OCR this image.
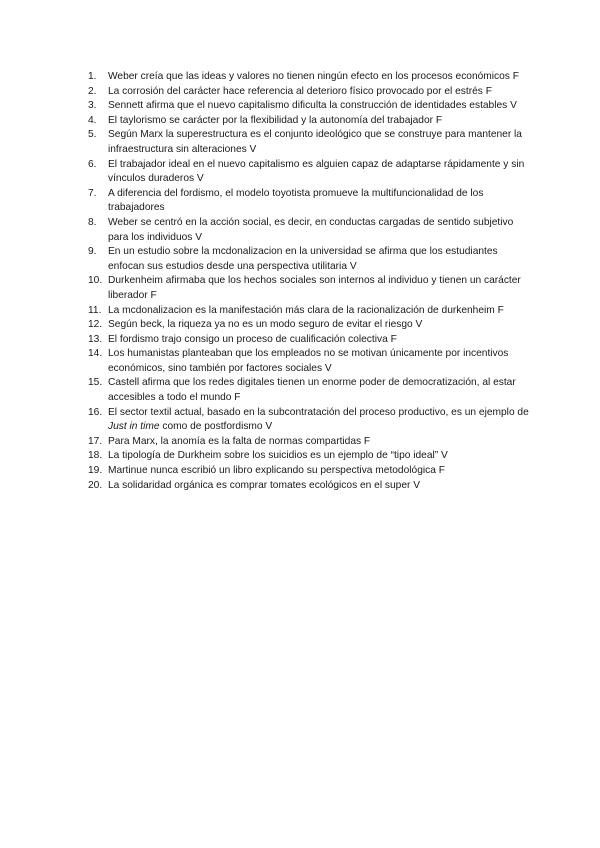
1.	Weber creía que las ideas y valores no tienen ningún efecto en los procesos económicos F
2.	La corrosión del carácter hace referencia al deterioro físico provocado por el estrés F
3.	Sennett afirma que el nuevo capitalismo dificulta la construcción de identidades estables V
4.	El taylorismo se carácter por la flexibilidad y la autonomía del trabajador F
5.	Según Marx la superestructura es el conjunto ideológico que se construye para mantener la infraestructura sin alteraciones V
6.	El trabajador ideal en el nuevo capitalismo es alguien capaz de adaptarse rápidamente y sin vínculos duraderos V
7.	A diferencia del fordismo, el modelo toyotista promueve la multifuncionalidad de los trabajadores
8.	Weber se centró en la acción social, es decir, en conductas cargadas de sentido subjetivo para los individuos V
9.	En un estudio sobre la mcdonalizacion en la universidad se afirma que los estudiantes enfocan sus estudios desde una perspectiva utilitaria V
10. Durkenheim afirmaba que los hechos sociales son internos al individuo y tienen un carácter liberador F
11. La mcdonalizacion es la manifestación más clara de la racionalización de durkenheim F
12. Según beck, la riqueza ya no es un modo seguro de evitar el riesgo V
13. El fordismo trajo consigo un proceso de cualificación colectiva F
14. Los humanistas planteaban que los empleados no se motivan únicamente por incentivos económicos, sino también por factores sociales V
15. Castell afirma que los redes digitales tienen un enorme poder de democratización, al estar accesibles a todo el mundo F
16. El sector textil actual, basado en la subcontratación del proceso productivo, es un ejemplo de Just in time como de postfordismo V
17. Para Marx, la anomía es la falta de normas compartidas F
18. La tipología de Durkheim sobre los suicidios es un ejemplo de “tipo ideal” V
19. Martinue nunca escribió un libro explicando su perspectiva metodológica F
20. La solidaridad orgánica es comprar tomates ecológicos en el super V
